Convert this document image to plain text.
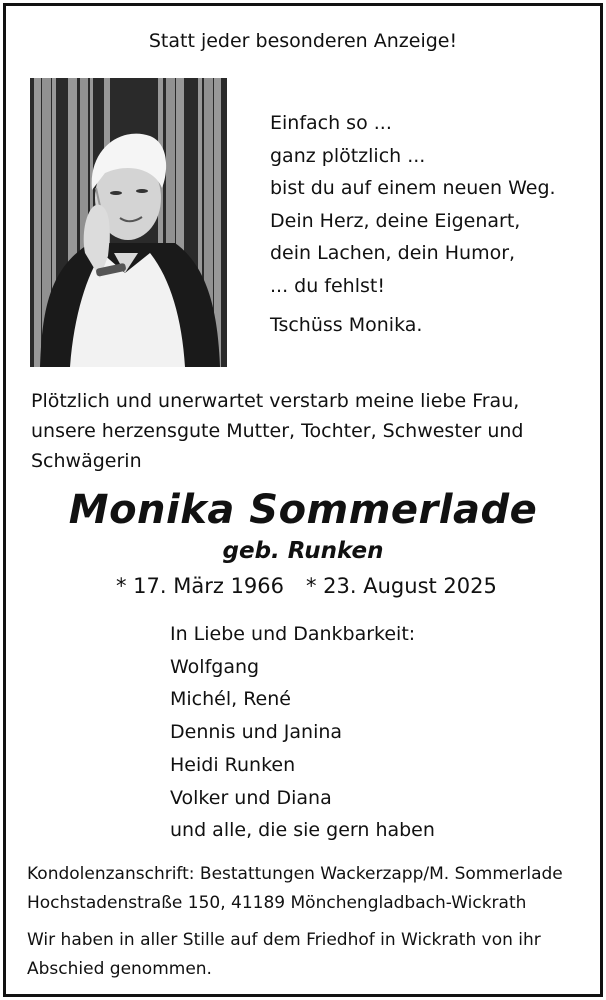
Statt jeder besonderen Anzeige!
Einfach so ...
ganz plötzlich ...
bist du auf einem neuen Weg.
Dein Herz, deine Eigenart,
dein Lachen, dein Humor,
... du fehlst!
Tschüss Monika.
Plötzlich und unerwartet verstarb meine liebe Frau,
unsere herzensgute Mutter, Tochter, Schwester und
Schwägerin
Monika Sommerlade
geb. Runken
* 17. März 1966 * 23. August 2025
In Liebe und Dankbarkeit:
Wolfgang
Michél, René
Dennis und Janina
Heidi Runken
Volker und Diana
und alle, die sie gern haben
Kondolenzanschrift: Bestattungen Wackerzapp/M. Sommerlade
Hochstadenstraße 150, 41189 Mönchengladbach-Wickrath
Wir haben in aller Stille auf dem Friedhof in Wickrath von ihr
Abschied genommen.
